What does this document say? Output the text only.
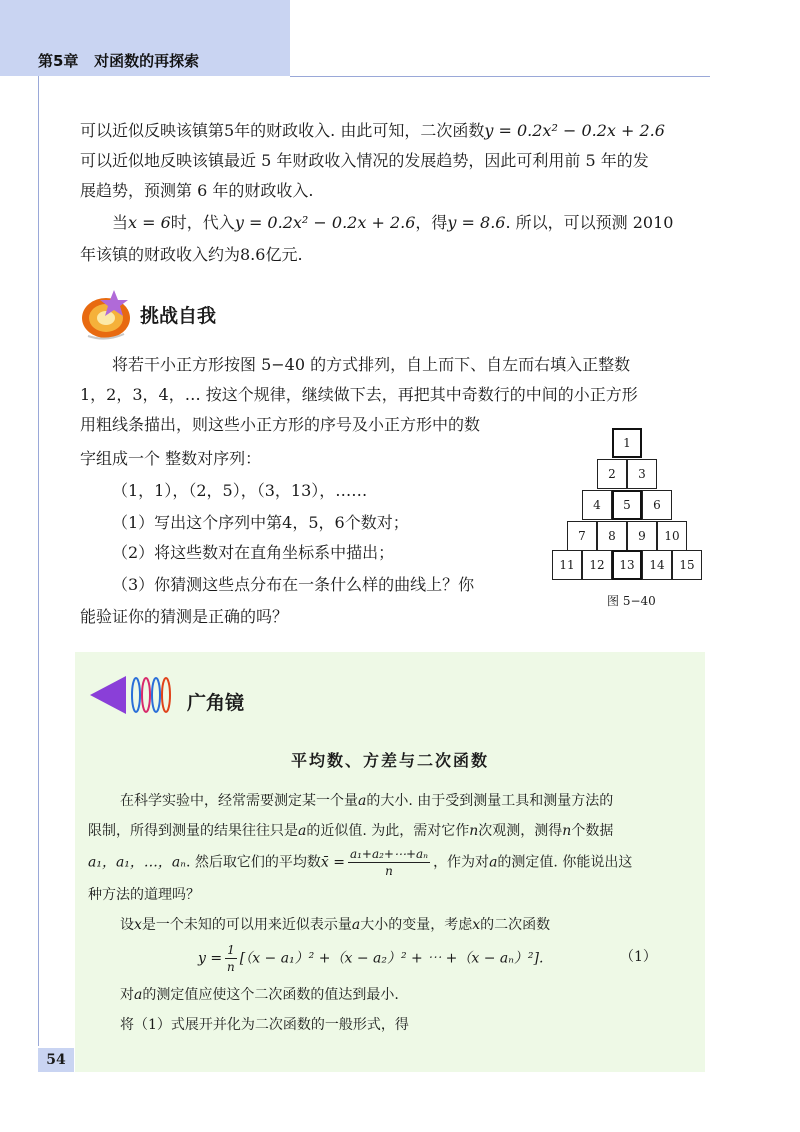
第5章   对函数的再探索
可以近似反映该镇第5年的财政收入. 由此可知，二次函数y = 0.2x² − 0.2x + 2.6
可以近似地反映该镇最近 5 年财政收入情况的发展趋势，因此可利用前 5 年的发
展趋势，预测第 6 年的财政收入.
当x = 6时，代入y = 0.2x² − 0.2x + 2.6，得y = 8.6. 所以，可以预测 2010
年该镇的财政收入约为8.6亿元.
挑战自我
将若干小正方形按图 5−40 的方式排列，自上而下、自左而右填入正整数
1，2，3，4，… 按这个规律，继续做下去，再把其中奇数行的中间的小正方形
用粗线条描出，则这些小正方形的序号及小正方形中的数
字组成一个 整数对序列：
（1，1），（2，5），（3，13），……
（1）写出这个序列中第4，5，6个数对；
（2）将这些数对在直角坐标系中描出；
（3）你猜测这些点分布在一条什么样的曲线上？你
能验证你的猜测是正确的吗？
1
2	3
4	5	6
7	8	9	10
11	12	13	14	15
图 5−40
广角镜
平均数、方差与二次函数
在科学实验中，经常需要测定某一个量a的大小. 由于受到测量工具和测量方法的
限制，所得到测量的结果往往只是a的近似值. 为此，需对它作n次观测，测得n个数据
a₁，a₁，…，aₙ. 然后取它们的平均数x̄ = $\frac{\text{a₁+a₂+⋯+aₙ}}{n}$ ，作为对a的测定值. 你能说出这
种方法的道理吗？
设x是一个未知的可以用来近似表示量a大小的变量，考虑x的二次函数
$y = \frac{1}{n} [(x - a_1)^2 +(x - a_2)^2$ + ⋯ +（x − aₙ）²].	（1）
对a的测定值应使这个二次函数的值达到最小.
将（1）式展开并化为二次函数的一般形式，得
54
